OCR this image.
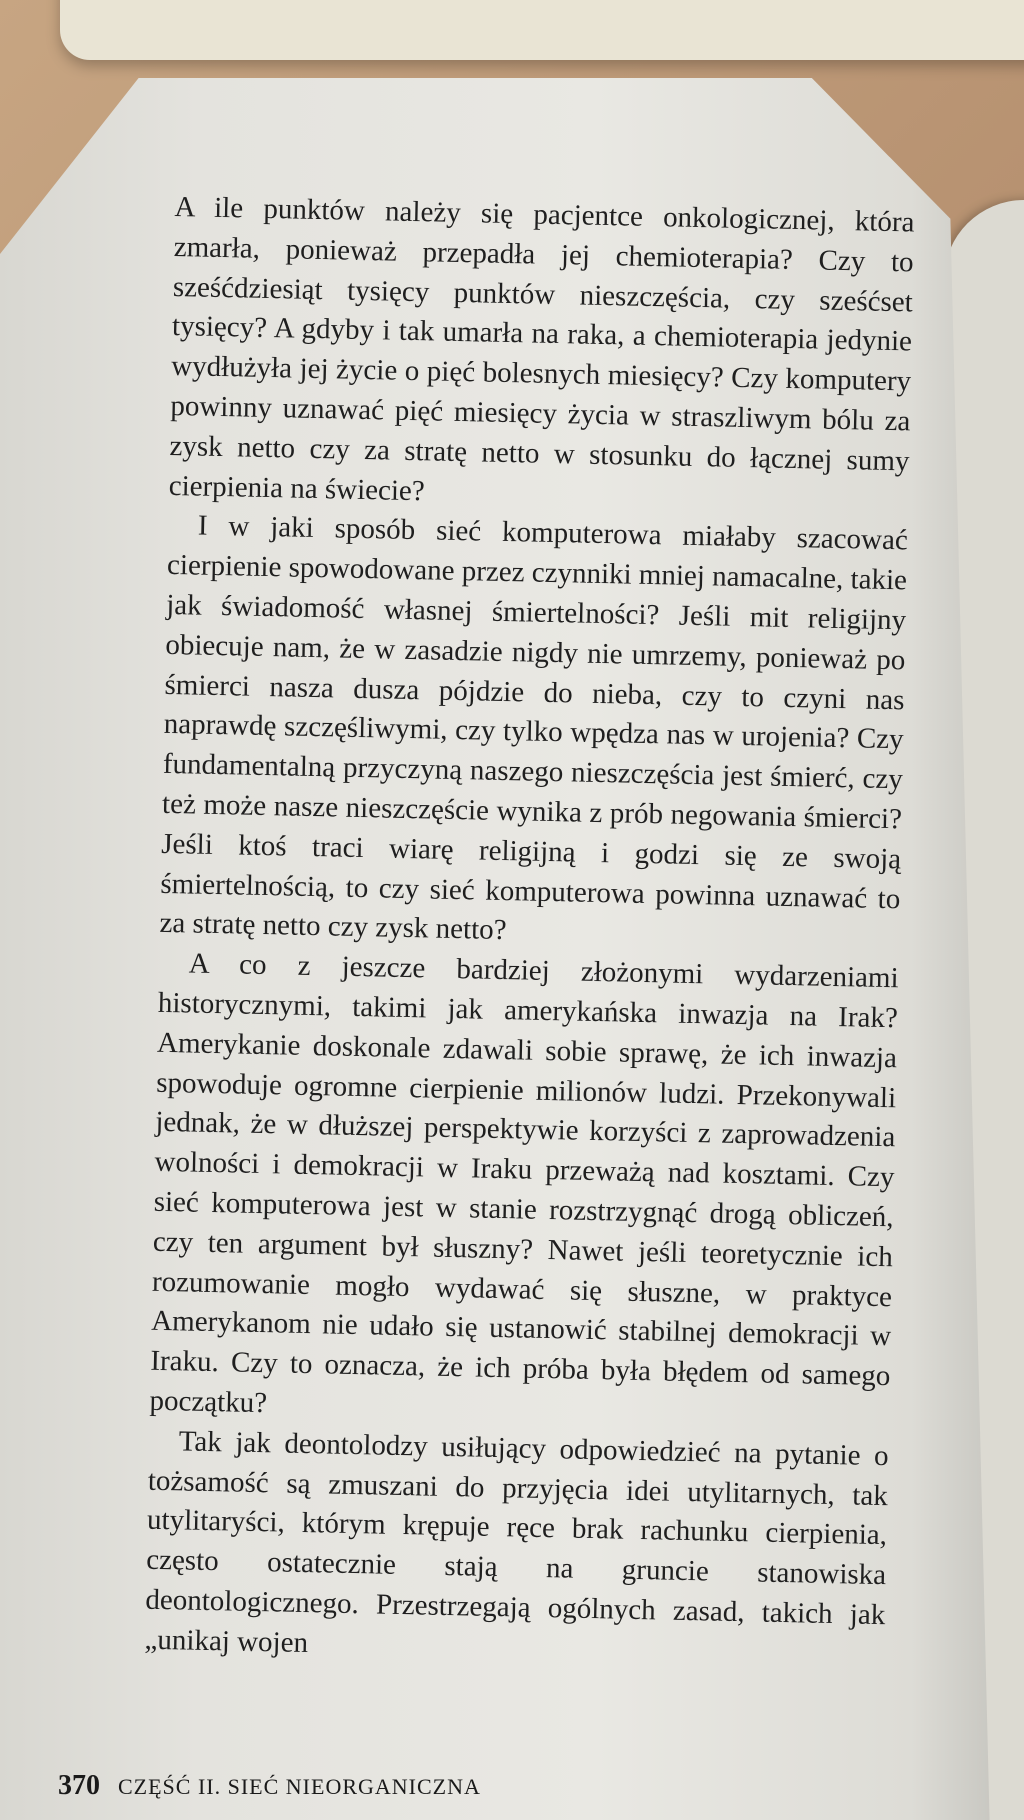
A ile punktów należy się pacjentce onkologicznej, która zmarła, ponieważ przepadła jej chemioterapia? Czy to sześćdziesiąt tysięcy punktów nieszczęścia, czy sześćset tysięcy? A gdyby i tak umarła na raka, a chemioterapia jedynie wydłużyła jej życie o pięć bolesnych miesięcy? Czy komputery powinny uznawać pięć miesięcy życia w straszliwym bólu za zysk netto czy za stratę netto w stosunku do łącznej sumy cierpienia na świecie?

I w jaki sposób sieć komputerowa miałaby szacować cierpienie spowodowane przez czynniki mniej namacalne, takie jak świadomość własnej śmiertelności? Jeśli mit religijny obiecuje nam, że w zasadzie nigdy nie umrzemy, ponieważ po śmierci nasza dusza pójdzie do nieba, czy to czyni nas naprawdę szczęśliwymi, czy tylko wpędza nas w urojenia? Czy fundamentalną przyczyną naszego nieszczęścia jest śmierć, czy też może nasze nieszczęście wynika z prób negowania śmierci? Jeśli ktoś traci wiarę religijną i godzi się ze swoją śmiertelnością, to czy sieć komputerowa powinna uznawać to za stratę netto czy zysk netto?

A co z jeszcze bardziej złożonymi wydarzeniami historycznymi, takimi jak amerykańska inwazja na Irak? Amerykanie doskonale zdawali sobie sprawę, że ich inwazja spowoduje ogromne cierpienie milionów ludzi. Przekonywali jednak, że w dłuższej perspektywie korzyści z zaprowadzenia wolności i demokracji w Iraku przeważą nad kosztami. Czy sieć komputerowa jest w stanie rozstrzygnąć drogą obliczeń, czy ten argument był słuszny? Nawet jeśli teoretycznie ich rozumowanie mogło wydawać się słuszne, w praktyce Amerykanom nie udało się ustanowić stabilnej demokracji w Iraku. Czy to oznacza, że ich próba była błędem od samego początku?

Tak jak deontolodzy usiłujący odpowiedzieć na pytanie o tożsamość są zmuszani do przyjęcia idei utylitarnych, tak utylitaryści, którym krępuje ręce brak rachunku cierpienia, często ostatecznie stają na gruncie stanowiska deontologicznego. Przestrzegają ogólnych zasad, takich jak „unikaj wojen

370 CZĘŚĆ II. SIEĆ NIEORGANICZNA
